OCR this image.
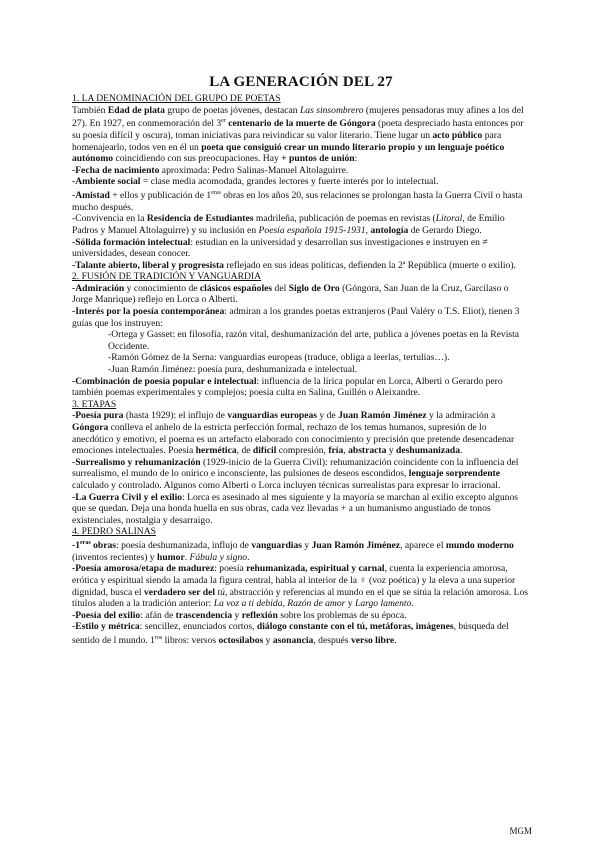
LA GENERACIÓN DEL 27

1. LA DENOMINACIÓN DEL GRUPO DE POETAS

También Edad de plata grupo de poetas jóvenes, destacan Las sinsombrero (mujeres pensadoras muy afines a los del 27). En 1927, en conmemoración del 3er centenario de la muerte de Góngora (poeta despreciado hasta entonces por su poesía difícil y oscura), toman iniciativas para reivindicar su valor literario. Tiene lugar un acto público para homenajearlo, todos ven en él un poeta que consiguió crear un mundo literario propio y un lenguaje poético autónomo coincidiendo con sus preocupaciones. Hay + puntos de unión:

-Fecha de nacimiento aproximada: Pedro Salinas-Manuel Altolaguirre.

-Ambiente social = clase media acomodada, grandes lectores y fuerte interés por lo intelectual.

-Amistad + ellos y publicación de $1^{eras}$ obras en los años 20, sus relaciones se prolongan hasta la Guerra Civil o hasta mucho después.

-Convivencia en la Residencia de Estudiantes madrileña, publicación de poemas en revistas (Litoral, de Emilio Padros y Manuel Altolaguirre) y su inclusión en Poesía española 1915-1931, antología de Gerardo Diego.

-Sólida formación intelectual: estudian en la universidad y desarrollan sus investigaciones e instruyen en ≠ universidades, desean conocer.

-Talante abierto, liberal y progresista reflejado en sus ideas políticas, defienden la 2ª República (muerte o exilio).

2. FUSIÓN DE TRADICIÓN Y VANGUARDIA

-Admiración y conocimiento de clásicos españoles del Siglo de Oro (Góngora, San Juan de la Cruz, Garcilaso o Jorge Manrique) reflejo en Lorca o Alberti.

-Interés por la poesía contemporánea: admiran a los grandes poetas extranjeros (Paul Valéry o T.S. Eliot), tienen 3 guías que los instruyen:

-Ortega y Gasset: en filosofía, razón vital, deshumanización del arte, publica a jóvenes poetas en la Revista Occidente.

-Ramón Gómez de la Serna: vanguardias europeas (traduce, obliga a leerlas, tertulias…).

-Juan Ramón Jiménez: poesía pura, deshumanizada e intelectual.

-Combinación de poesía popular e intelectual: influencia de la lírica popular en Lorca, Alberti o Gerardo pero también poemas experimentales y complejos; poesía culta en Salina, Guillén o Aleixandre.

3. ETAPAS

-Poesía pura (hasta 1929): el influjo de vanguardias europeas y de Juan Ramón Jiménez y la admiración a Góngora conlleva el anhelo de la estricta perfección formal, rechazo de los temas humanos, supresión de lo anecdótico y emotivo, el poema es un artefacto elaborado con conocimiento y precisión que pretende desencadenar emociones intelectuales. Poesía hermética, de difícil compresión, fría, abstracta y deshumanizada.

-Surrealismo y rehumanización (1929-inicio de la Guerra Civil): rehumanización coincidente con la influencia del surrealismo, el mundo de lo onírico e inconsciente, las pulsiones de deseos escondidos, lenguaje sorprendente calculado y controlado. Algunos como Alberti o Lorca incluyen técnicas surrealistas para expresar lo irracional.

-La Guerra Civil y el exilio: Lorca es asesinado al mes siguiente y la mayoría se marchan al exilio excepto algunos que se quedan. Deja una honda huella en sus obras, cada vez llevadas + a un humanismo angustiado de tonos existenciales, nostalgia y desarraigo.

4. PEDRO SALINAS

$-1^{eras}$ obras: poesía deshumanizada, influjo de vanguardias y Juan Ramón Jiménez, aparece el mundo moderno (inventos recientes) y humor. Fábula y signo.

-Poesía amorosa/etapa de madurez: poesía rehumanizada, espiritual y carnal, cuenta la experiencia amorosa, erótica y espiritual siendo la amada la figura central, habla al interior de la ♀ (voz poética) y la eleva a una superior dignidad, busca el verdadero ser del tú, abstracción y referencias al mundo en el que se sitúa la relación amorosa. Los títulos aluden a la tradición anterior: La voz a ti debida, Razón de amor y Largo lamento.

-Poesía del exilio: afán de trascendencia y reflexión sobre los problemas de su época.

-Estilo y métrica: sencillez, enunciados cortos, diálogo constante con el tú, metáforas, imágenes, búsqueda del sentido de l mundo. $1^{ros}$ libros: versos octosílabos y asonancia, después verso libre.

MGM
